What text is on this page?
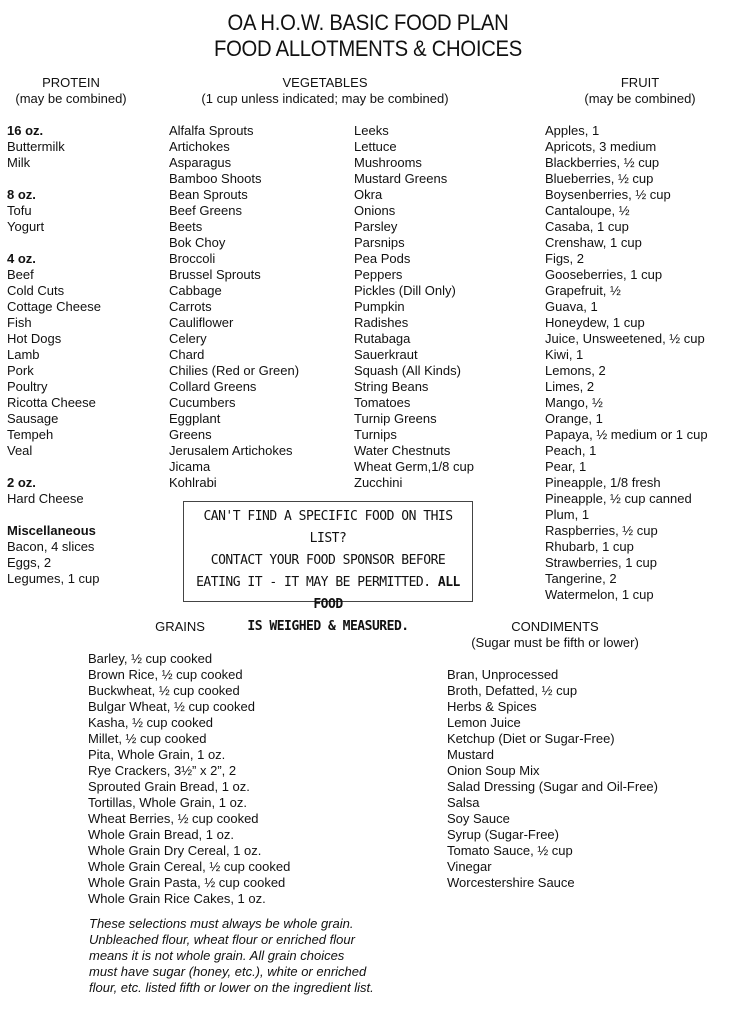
OA H.O.W. BASIC FOOD PLAN
FOOD ALLOTMENTS & CHOICES
PROTEIN
(may be combined)
VEGETABLES
(1 cup unless indicated; may be combined)
FRUIT
(may be combined)
16 oz.
Buttermilk
Milk
8 oz.
Tofu
Yogurt
4 oz.
Beef
Cold Cuts
Cottage Cheese
Fish
Hot Dogs
Lamb
Pork
Poultry
Ricotta Cheese
Sausage
Tempeh
Veal
2 oz.
Hard Cheese
Miscellaneous
Bacon, 4 slices
Eggs, 2
Legumes, 1 cup
Alfalfa Sprouts
Artichokes
Asparagus
Bamboo Shoots
Bean Sprouts
Beef Greens
Beets
Bok Choy
Broccoli
Brussel Sprouts
Cabbage
Carrots
Cauliflower
Celery
Chard
Chilies (Red or Green)
Collard Greens
Cucumbers
Eggplant
Greens
Jerusalem Artichokes
Jicama
Kohlrabi
Leeks
Lettuce
Mushrooms
Mustard Greens
Okra
Onions
Parsley
Parsnips
Pea Pods
Peppers
Pickles (Dill Only)
Pumpkin
Radishes
Rutabaga
Sauerkraut
Squash (All Kinds)
String Beans
Tomatoes
Turnip Greens
Turnips
Water Chestnuts
Wheat Germ,1/8 cup
Zucchini
Apples, 1
Apricots, 3 medium
Blackberries, ½ cup
Blueberries, ½ cup
Boysenberries, ½ cup
Cantaloupe, ½
Casaba, 1 cup
Crenshaw, 1 cup
Figs, 2
Gooseberries, 1 cup
Grapefruit, ½
Guava, 1
Honeydew, 1 cup
Juice, Unsweetened, ½ cup
Kiwi, 1
Lemons, 2
Limes, 2
Mango, ½
Orange, 1
Papaya, ½ medium or 1 cup
Peach, 1
Pear, 1
Pineapple, 1/8 fresh
Pineapple, ½ cup canned
Plum, 1
Raspberries, ½ cup
Rhubarb, 1 cup
Strawberries, 1 cup
Tangerine, 2
Watermelon, 1 cup
CAN'T FIND A SPECIFIC FOOD ON THIS LIST?
CONTACT YOUR FOOD SPONSOR BEFORE
EATING IT - IT MAY BE PERMITTED. ALL FOOD
IS WEIGHED & MEASURED.
GRAINS
Barley, ½ cup cooked
Brown Rice, ½ cup cooked
Buckwheat, ½ cup cooked
Bulgar Wheat, ½ cup cooked
Kasha, ½ cup cooked
Millet, ½ cup cooked
Pita, Whole Grain, 1 oz.
Rye Crackers, 3½” x 2”, 2
Sprouted Grain Bread, 1 oz.
Tortillas, Whole Grain, 1 oz.
Wheat Berries, ½ cup cooked
Whole Grain Bread, 1 oz.
Whole Grain Dry Cereal, 1 oz.
Whole Grain Cereal, ½ cup cooked
Whole Grain Pasta, ½ cup cooked
Whole Grain Rice Cakes, 1 oz.
These selections must always be whole grain.
Unbleached flour, wheat flour or enriched flour
means it is not whole grain. All grain choices
must have sugar (honey, etc.), white or enriched
flour, etc. listed fifth or lower on the ingredient list.
CONDIMENTS
(Sugar must be fifth or lower)
Bran, Unprocessed
Broth, Defatted, ½ cup
Herbs & Spices
Lemon Juice
Ketchup (Diet or Sugar-Free)
Mustard
Onion Soup Mix
Salad Dressing (Sugar and Oil-Free)
Salsa
Soy Sauce
Syrup (Sugar-Free)
Tomato Sauce, ½ cup
Vinegar
Worcestershire Sauce
